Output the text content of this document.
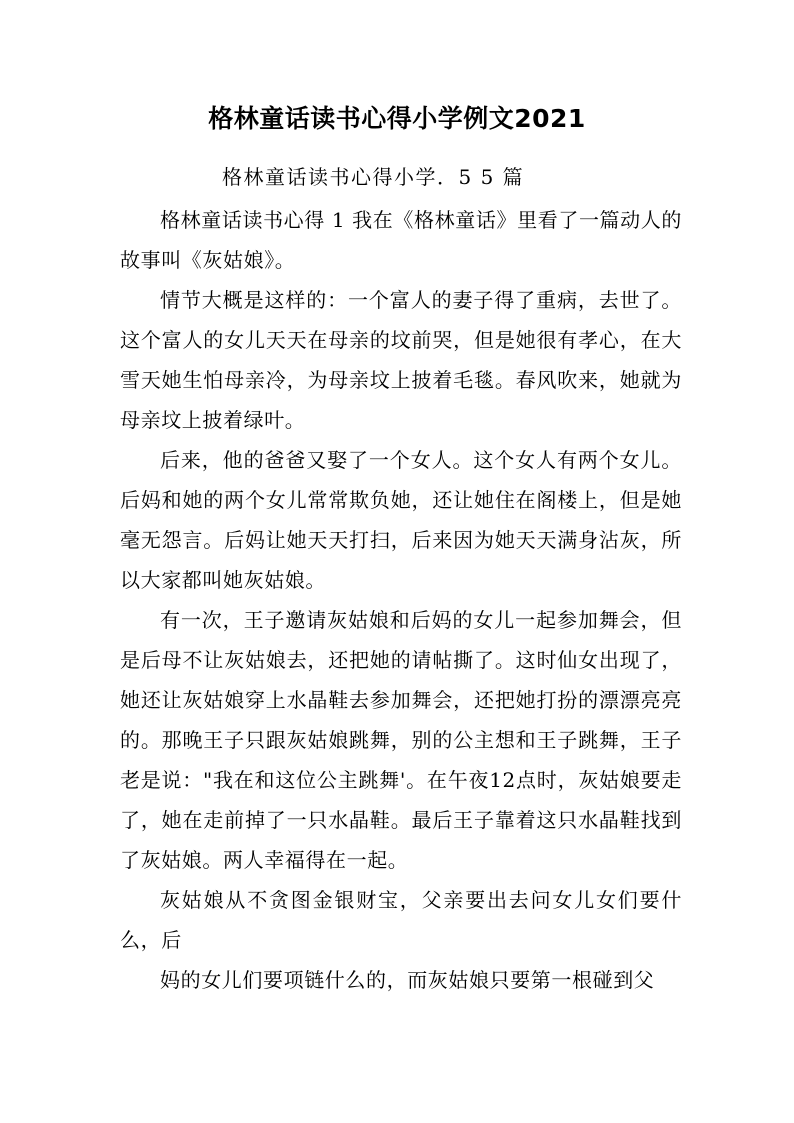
格林童话读书心得小学例文2021
格林童话读书心得小学．5 5 篇

格林童话读书心得 1 我在《格林童话》里看了一篇动人的故事叫《灰姑娘》。

情节大概是这样的：一个富人的妻子得了重病，去世了。这个富人的女儿天天在母亲的坟前哭，但是她很有孝心，在大雪天她生怕母亲冷，为母亲坟上披着毛毯。春风吹来，她就为母亲坟上披着绿叶。

后来，他的爸爸又娶了一个女人。这个女人有两个女儿。后妈和她的两个女儿常常欺负她，还让她住在阁楼上，但是她毫无怨言。后妈让她天天打扫，后来因为她天天满身沾灰，所以大家都叫她灰姑娘。

有一次，王子邀请灰姑娘和后妈的女儿一起参加舞会，但是后母不让灰姑娘去，还把她的请帖撕了。这时仙女出现了，她还让灰姑娘穿上水晶鞋去参加舞会，还把她打扮的漂漂亮亮的。那晚王子只跟灰姑娘跳舞，别的公主想和王子跳舞，王子老是说："我在和这位公主跳舞'。在午夜12点时，灰姑娘要走了，她在走前掉了一只水晶鞋。最后王子靠着这只水晶鞋找到了灰姑娘。两人幸福得在一起。

灰姑娘从不贪图金银财宝，父亲要出去问女儿女们要什么，后

妈的女儿们要项链什么的，而灰姑娘只要第一根碰到父
